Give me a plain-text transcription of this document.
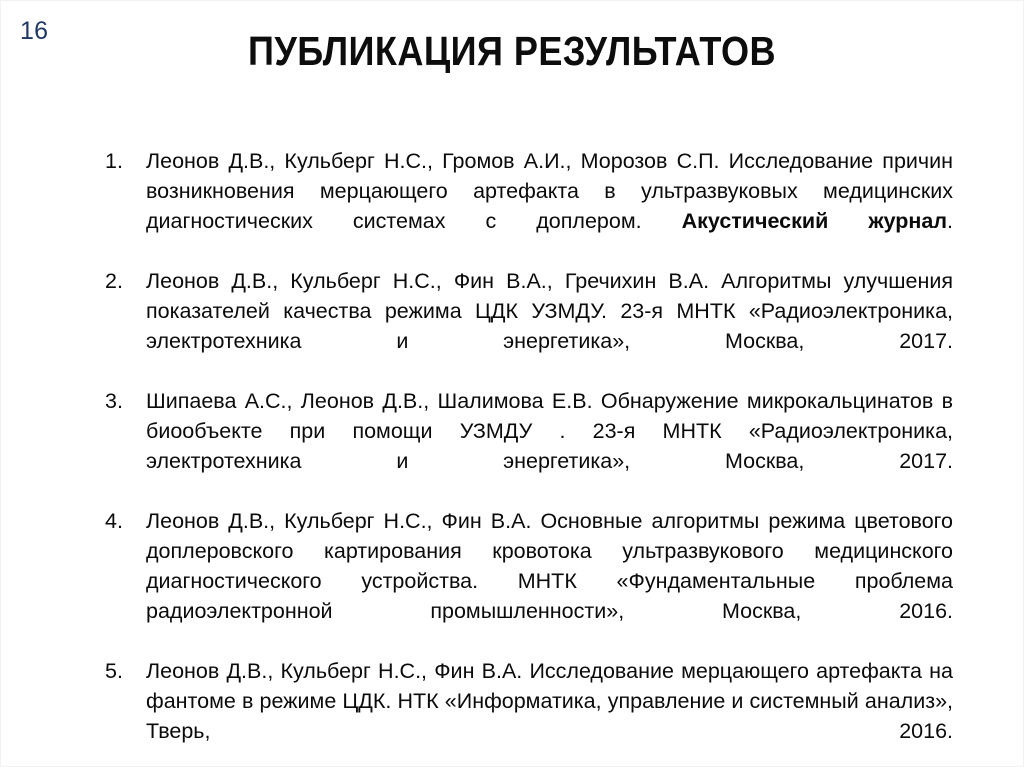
16	ПУБЛИКАЦИЯ РЕЗУЛЬТАТОВ
1.	Леонов Д.В., Кульберг Н.С., Громов А.И., Морозов С.П. Исследование причин возникновения мерцающего артефакта в ультразвуковых медицинских диагностических системах с доплером. Акустический журнал.
2.	Леонов Д.В., Кульберг Н.С., Фин В.А., Гречихин В.А. Алгоритмы улучшения показателей качества режима ЦДК УЗМДУ. 23-я МНТК «Радиоэлектроника, электротехника и энергетика», Москва, 2017.
3.	Шипаева А.С., Леонов Д.В., Шалимова Е.В. Обнаружение микрокальцинатов в биообъекте при помощи УЗМДУ . 23-я МНТК «Радиоэлектроника, электротехника и энергетика», Москва, 2017.
4.	Леонов Д.В., Кульберг Н.С., Фин В.А. Основные алгоритмы режима цветового доплеровского картирования кровотока ультразвукового медицинского диагностического устройства. МНТК «Фундаментальные проблема радиоэлектронной промышленности», Москва, 2016.
5.	Леонов Д.В., Кульберг Н.С., Фин В.А. Исследование мерцающего артефакта на фантоме в режиме ЦДК. НТК «Информатика, управление и системный анализ», Тверь, 2016.
